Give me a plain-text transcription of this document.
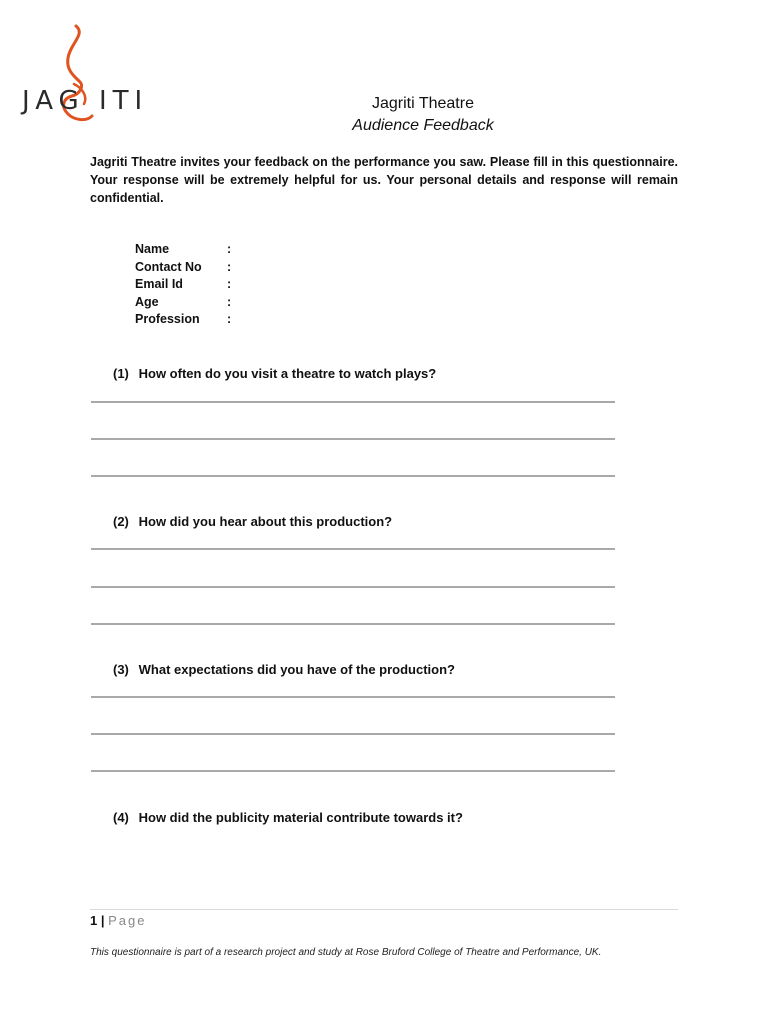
JAG ITI	Jagriti Theatre
Audience Feedback
Jagriti Theatre invites your feedback on the performance you saw. Please fill in this questionnaire. Your response will be extremely helpful for us. Your personal details and response will remain confidential.
Name	:
Contact No :
Email Id	:
Age	:
Profession :
(1) How often do you visit a theatre to watch plays?
(2) How did you hear about this production?
(3) What expectations did you have of the production?
(4) How did the publicity material contribute towards it?
1 | Page
This questionnaire is part of a research project and study at Rose Bruford College of Theatre and Performance, UK.
